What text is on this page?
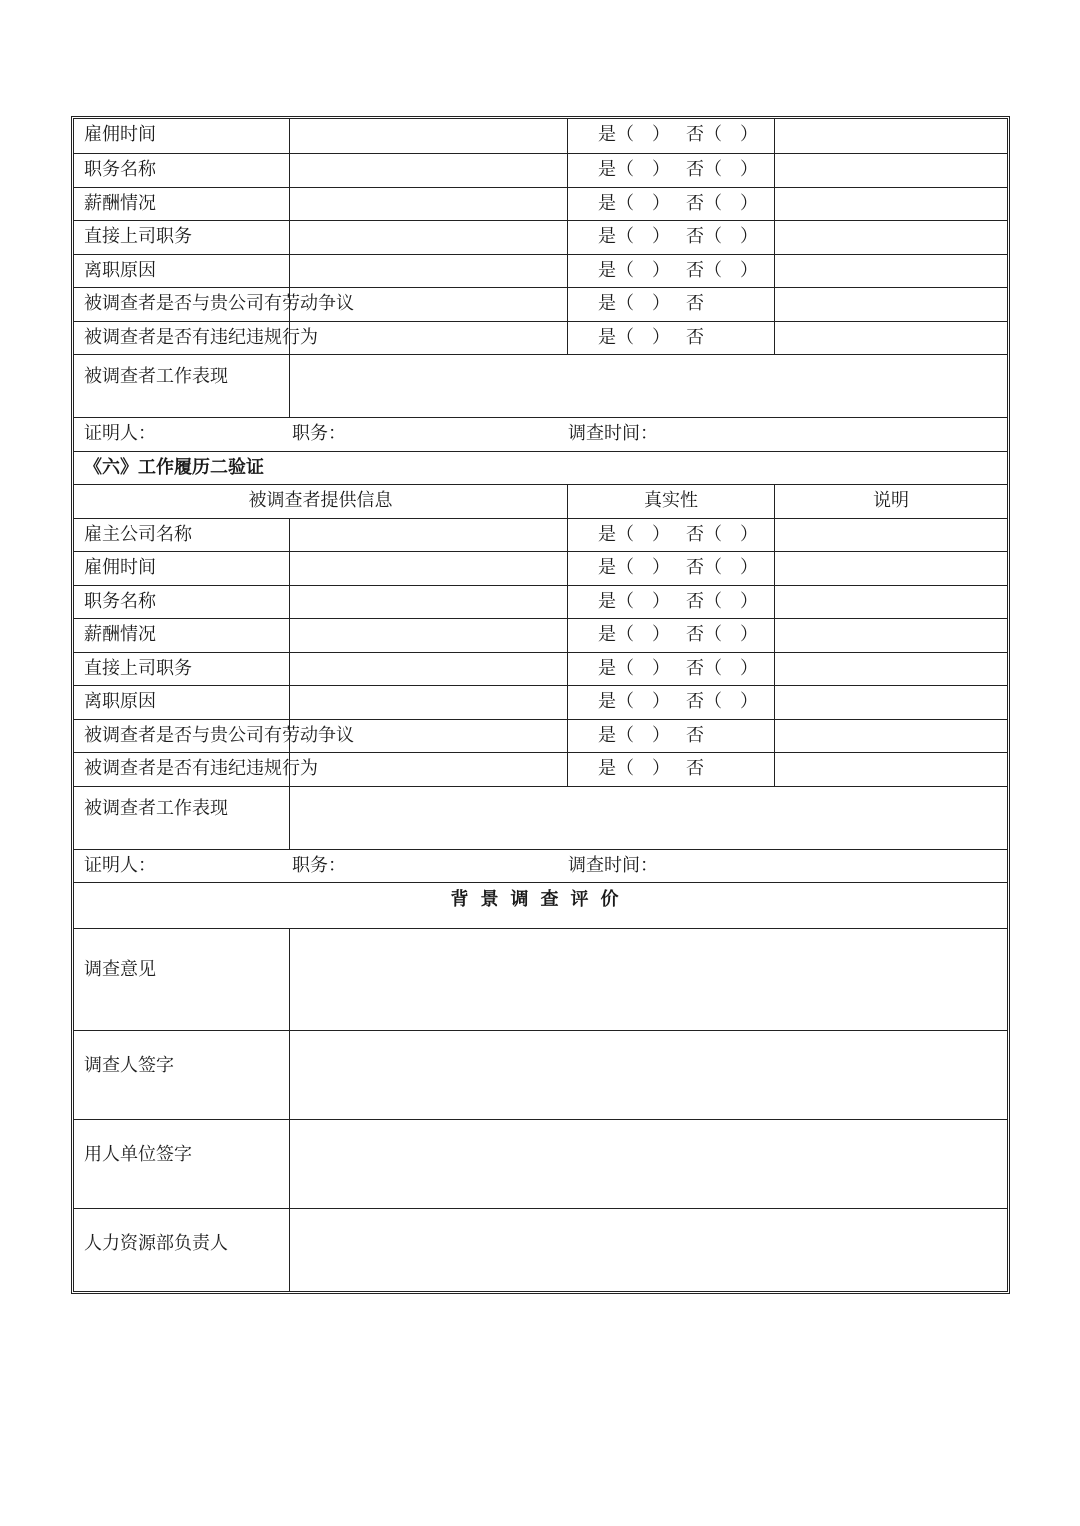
雇佣时间	是（  ） 否（  ）
职务名称	是（  ） 否（  ）
薪酬情况	是（  ） 否（  ）
直接上司职务	是（  ） 否（  ）
离职原因	是（  ） 否（  ）
被调查者是否与贵公司有劳动争议	是（  ） 否
被调查者是否有违纪违规行为	是（  ） 否
被调查者工作表现
证明人：	职务：	调查时间：
《六》工作履历二验证
被调查者提供信息	真实性	说明
雇主公司名称	是（  ） 否（  ）
雇佣时间	是（  ） 否（  ）
职务名称	是（  ） 否（  ）
薪酬情况	是（  ） 否（  ）
直接上司职务	是（  ） 否（  ）
离职原因	是（  ） 否（  ）
被调查者是否与贵公司有劳动争议	是（  ） 否
被调查者是否有违纪违规行为	是（  ） 否
被调查者工作表现
证明人：	职务：	调查时间：
背景调查评价
调查意见
调查人签字
用人单位签字
人力资源部负责人
